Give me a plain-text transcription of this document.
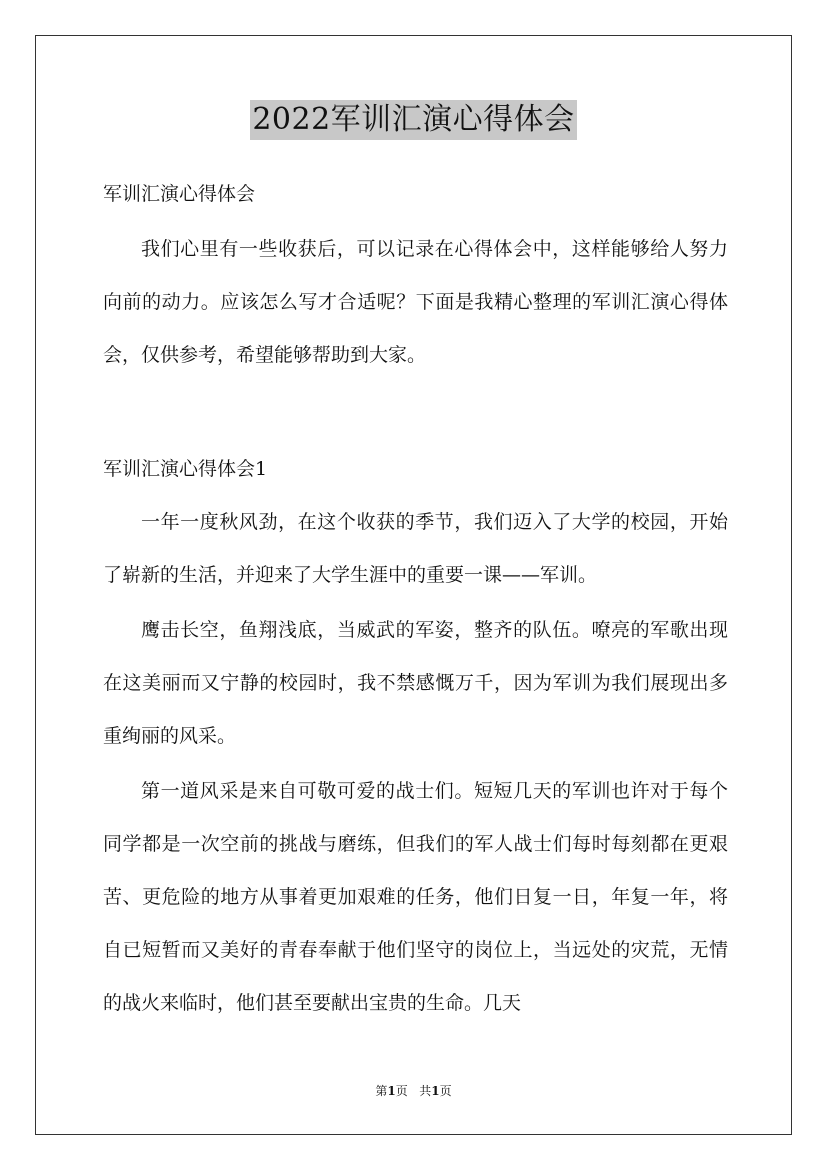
2022军训汇演心得体会

军训汇演心得体会

我们心里有一些收获后，可以记录在心得体会中，这样能够给人努力向前的动力。应该怎么写才合适呢？下面是我精心整理的军训汇演心得体会，仅供参考，希望能够帮助到大家。

军训汇演心得体会1

一年一度秋风劲，在这个收获的季节，我们迈入了大学的校园，开始了崭新的生活，并迎来了大学生涯中的重要一课——军训。

鹰击长空，鱼翔浅底，当威武的军姿，整齐的队伍。嘹亮的军歌出现在这美丽而又宁静的校园时，我不禁感慨万千，因为军训为我们展现出多重绚丽的风采。

第一道风采是来自可敬可爱的战士们。短短几天的军训也许对于每个同学都是一次空前的挑战与磨练，但我们的军人战士们每时每刻都在更艰苦、更危险的地方从事着更加艰难的任务，他们日复一日，年复一年，将自已短暂而又美好的青春奉献于他们坚守的岗位上，当远处的灾荒，无情的战火来临时，他们甚至要献出宝贵的生命。几天

第1页 共1页
